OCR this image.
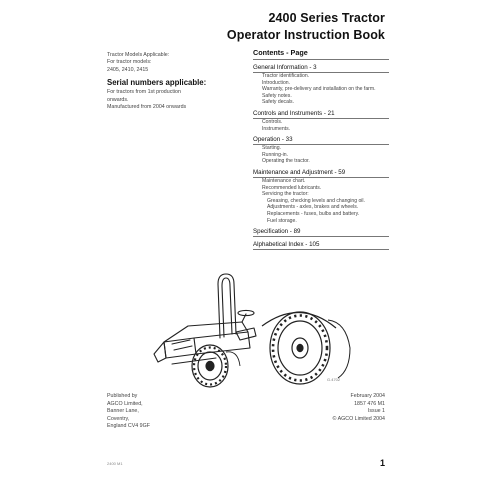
2400 Series Tractor
Operator Instruction Book
Tractor Models Applicable:
For tractor models:
2405, 2410, 2415
Serial numbers applicable:
For tractors from 1st production
onwards.
Manufactured from 2004 onwards
Contents - Page
General Information - 3
Tractor identification.
Introduction.
Warranty, pre-delivery and installation on the farm.
Safety notes.
Safety decals.
Controls and Instruments - 21
Controls.
Instruments.
Operation - 33
Starting.
Running-in.
Operating the tractor.
Maintenance and Adjustment - 59
Maintenance chart.
Recommended lubricants.
Servicing the tractor:
Greasing, checking levels and changing oil.
Adjustments - axles, brakes and wheels.
Replacements - fuses, bulbs and battery.
Fuel storage.
Specification - 89
Alphabetical Index - 105
G.4702
Published by
AGCO Limited,
Banner Lane,
Coventry,
England CV4 9GF
February 2004
1857 476 M1
Issue 1
© AGCO Limited 2004
2400 M1	1
